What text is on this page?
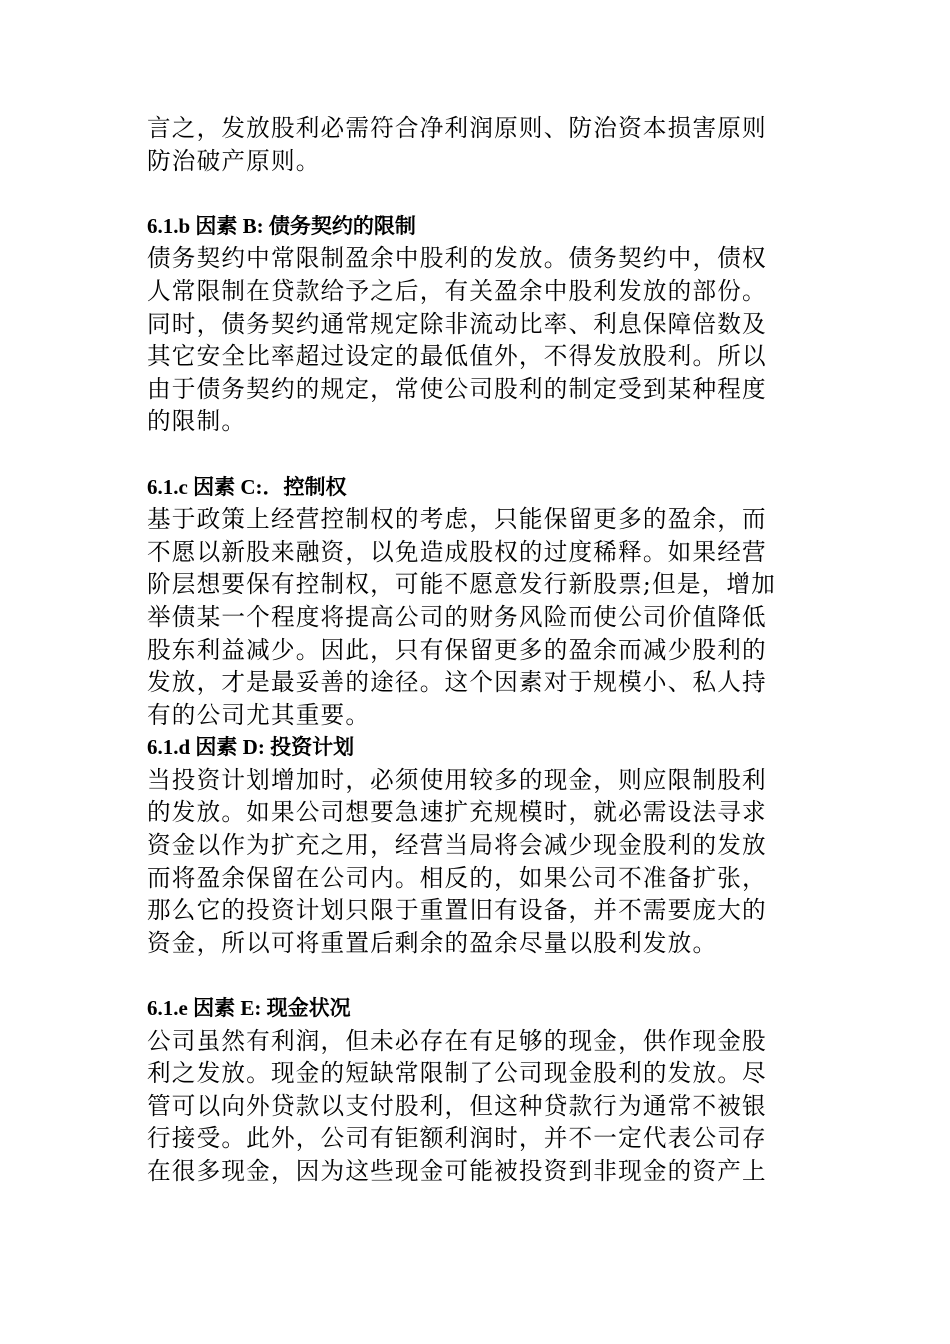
言之，发放股利必需符合净利润原则、防治资本损害原则
防治破产原则。

6.1.b 因素 B: 债务契约的限制

债务契约中常限制盈余中股利的发放。债务契约中，债权
人常限制在贷款给予之后，有关盈余中股利发放的部份。
同时，债务契约通常规定除非流动比率、利息保障倍数及
其它安全比率超过设定的最低值外，不得发放股利。所以
由于债务契约的规定，常使公司股利的制定受到某种程度
的限制。

6.1.c 因素 C:．控制权

基于政策上经营控制权的考虑，只能保留更多的盈余，而
不愿以新股来融资，以免造成股权的过度稀释。如果经营
阶层想要保有控制权，可能不愿意发行新股票;但是，增加
举债某一个程度将提高公司的财务风险而使公司价值降低
股东利益减少。因此，只有保留更多的盈余而减少股利的
发放，才是最妥善的途径。这个因素对于规模小、私人持
有的公司尤其重要。

6.1.d 因素 D: 投资计划

当投资计划增加时，必须使用较多的现金，则应限制股利
的发放。如果公司想要急速扩充规模时，就必需设法寻求
资金以作为扩充之用，经营当局将会减少现金股利的发放
而将盈余保留在公司内。相反的，如果公司不准备扩张，
那么它的投资计划只限于重置旧有设备，并不需要庞大的
资金，所以可将重置后剩余的盈余尽量以股利发放。

6.1.e 因素 E: 现金状况

公司虽然有利润，但未必存在有足够的现金，供作现金股
利之发放。现金的短缺常限制了公司现金股利的发放。尽
管可以向外贷款以支付股利，但这种贷款行为通常不被银
行接受。此外，公司有钜额利润时，并不一定代表公司存
在很多现金，因为这些现金可能被投资到非现金的资产上
